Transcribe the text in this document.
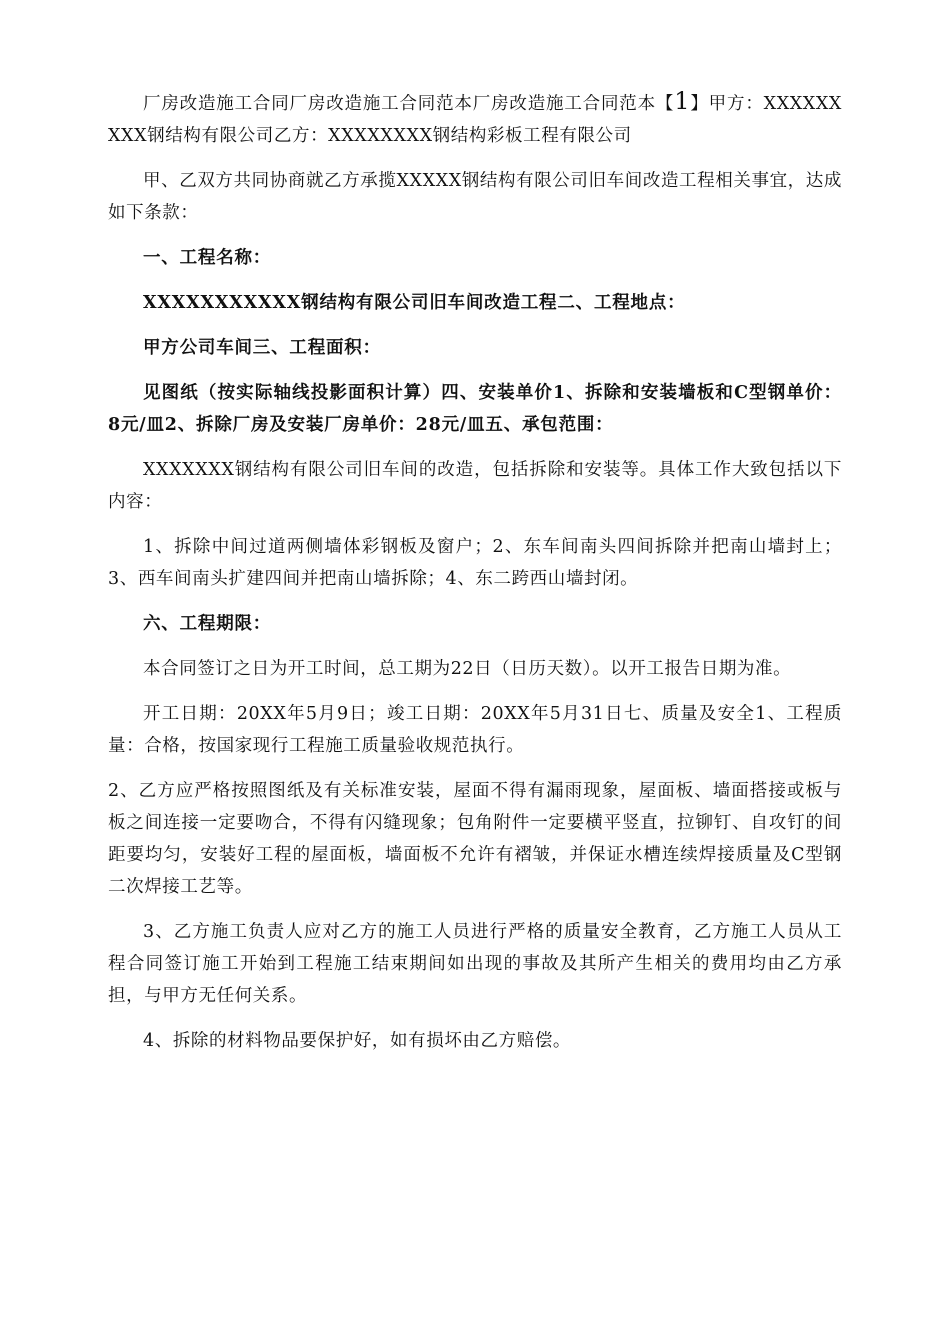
厂房改造施工合同厂房改造施工合同范本厂房改造施工合同范本【1】甲方：XXXXXXXXX钢结构有限公司乙方：XXXXXXXX钢结构彩板工程有限公司

甲、乙双方共同协商就乙方承揽XXXXX钢结构有限公司旧车间改造工程相关事宜，达成如下条款：

一、工程名称：

XXXXXXXXXXX钢结构有限公司旧车间改造工程二、工程地点：

甲方公司车间三、工程面积：

见图纸（按实际轴线投影面积计算）四、安装单价1、拆除和安装墙板和C型钢单价：8元/皿2、拆除厂房及安装厂房单价：28元/皿五、承包范围：

XXXXXXX钢结构有限公司旧车间的改造，包括拆除和安装等。具体工作大致包括以下内容：

1、拆除中间过道两侧墙体彩钢板及窗户；2、东车间南头四间拆除并把南山墙封上；3、西车间南头扩建四间并把南山墙拆除；4、东二跨西山墙封闭。

六、工程期限：

本合同签订之日为开工时间，总工期为22日（日历天数）。以开工报告日期为准。

开工日期：20XX年5月9日；竣工日期：20XX年5月31日七、质量及安全1、工程质量：合格，按国家现行工程施工质量验收规范执行。

2、乙方应严格按照图纸及有关标准安装，屋面不得有漏雨现象，屋面板、墙面搭接或板与板之间连接一定要吻合，不得有闪缝现象；包角附件一定要横平竖直，拉铆钉、自攻钉的间距要均匀，安装好工程的屋面板，墙面板不允许有褶皱，并保证水槽连续焊接质量及C型钢二次焊接工艺等。

3、乙方施工负责人应对乙方的施工人员进行严格的质量安全教育，乙方施工人员从工程合同签订施工开始到工程施工结束期间如出现的事故及其所产生相关的费用均由乙方承担，与甲方无任何关系。

4、拆除的材料物品要保护好，如有损坏由乙方赔偿。
